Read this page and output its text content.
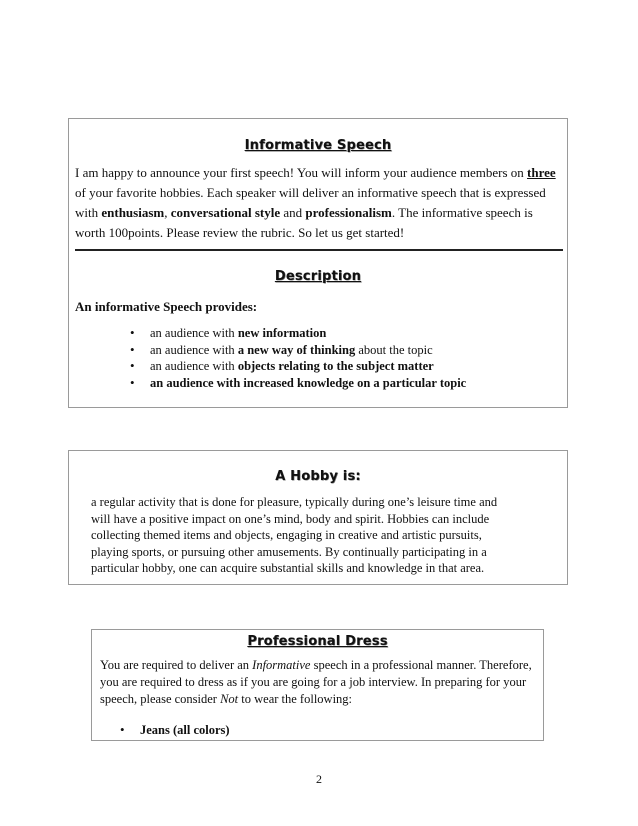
Informative Speech
I am happy to announce your first speech! You will inform your audience members on three of your favorite hobbies. Each speaker will deliver an informative speech that is expressed with enthusiasm, conversational style and professionalism. The informative speech is worth 100points. Please review the rubric. So let us get started!
Description
An informative Speech provides:
• an audience with new information
• an audience with a new way of thinking about the topic
• an audience with objects relating to the subject matter
• an audience with increased knowledge on a particular topic
A Hobby is:
a regular activity that is done for pleasure, typically during one’s leisure time and will have a positive impact on one’s mind, body and spirit. Hobbies can include collecting themed items and objects, engaging in creative and artistic pursuits, playing sports, or pursuing other amusements. By continually participating in a particular hobby, one can acquire substantial skills and knowledge in that area.
Professional Dress
You are required to deliver an Informative speech in a professional manner. Therefore, you are required to dress as if you are going for a job interview. In preparing for your speech, please consider Not to wear the following:
• Jeans (all colors)
2
